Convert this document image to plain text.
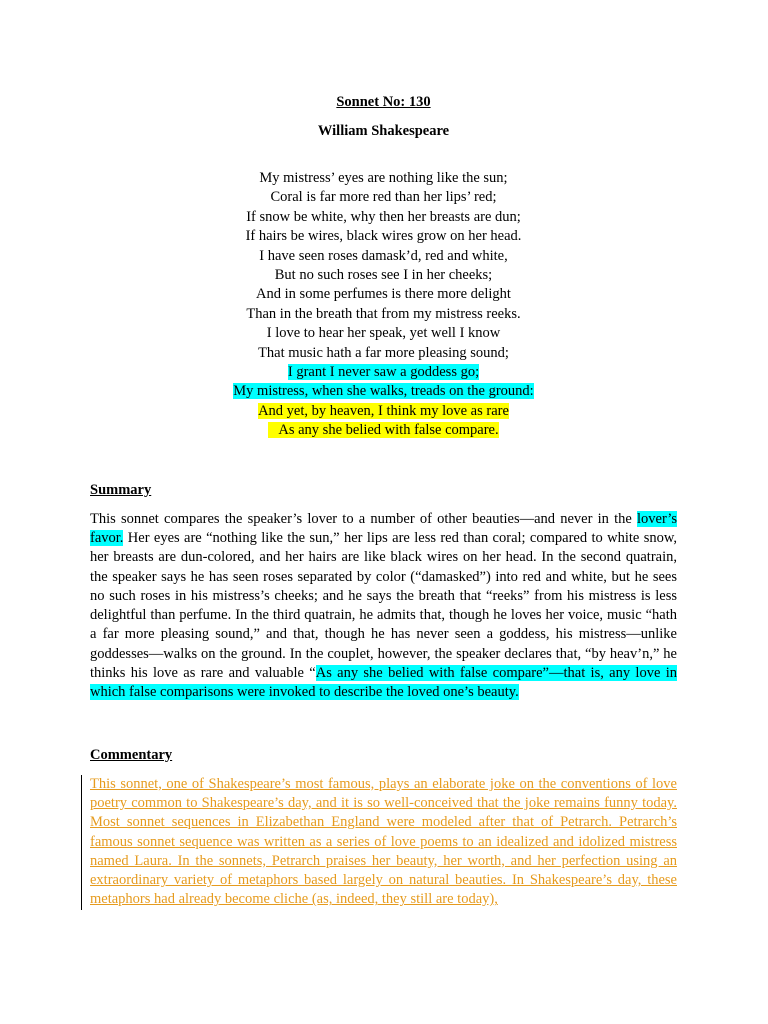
Sonnet No: 130

William Shakespeare

My mistress’ eyes are nothing like the sun;
Coral is far more red than her lips’ red;
If snow be white, why then her breasts are dun;
If hairs be wires, black wires grow on her head.
I have seen roses damask’d, red and white,
But no such roses see I in her cheeks;
And in some perfumes is there more delight
Than in the breath that from my mistress reeks.
I love to hear her speak, yet well I know
That music hath a far more pleasing sound;
I grant I never saw a goddess go;
My mistress, when she walks, treads on the ground:
And yet, by heaven, I think my love as rare
As any she belied with false compare.

Summary

This sonnet compares the speaker’s lover to a number of other beauties—and never in the lover’s favor. Her eyes are “nothing like the sun,” her lips are less red than coral; compared to white snow, her breasts are dun-colored, and her hairs are like black wires on her head. In the second quatrain, the speaker says he has seen roses separated by color (“damasked”) into red and white, but he sees no such roses in his mistress’s cheeks; and he says the breath that “reeks” from his mistress is less delightful than perfume. In the third quatrain, he admits that, though he loves her voice, music “hath a far more pleasing sound,” and that, though he has never seen a goddess, his mistress—unlike goddesses—walks on the ground. In the couplet, however, the speaker declares that, “by heav’n,” he thinks his love as rare and valuable “As any she belied with false compare”—that is, any love in which false comparisons were invoked to describe the loved one’s beauty.

Commentary

This sonnet, one of Shakespeare’s most famous, plays an elaborate joke on the conventions of love poetry common to Shakespeare’s day, and it is so well-conceived that the joke remains funny today. Most sonnet sequences in Elizabethan England were modeled after that of Petrarch. Petrarch’s famous sonnet sequence was written as a series of love poems to an idealized and idolized mistress named Laura. In the sonnets, Petrarch praises her beauty, her worth, and her perfection using an extraordinary variety of metaphors based largely on natural beauties. In Shakespeare’s day, these metaphors had already become cliche (as, indeed, they still are today),
